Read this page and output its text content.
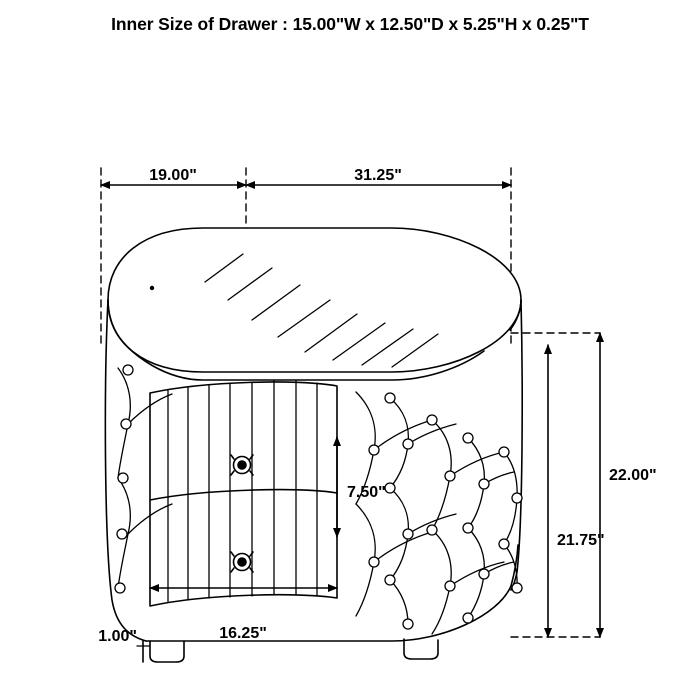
Inner Size of Drawer : 15.00"W x 12.50"D x 5.25"H x 0.25"T
19.00"	31.25"
7.50"
16.25"
1.00"
21.75"
22.00"
